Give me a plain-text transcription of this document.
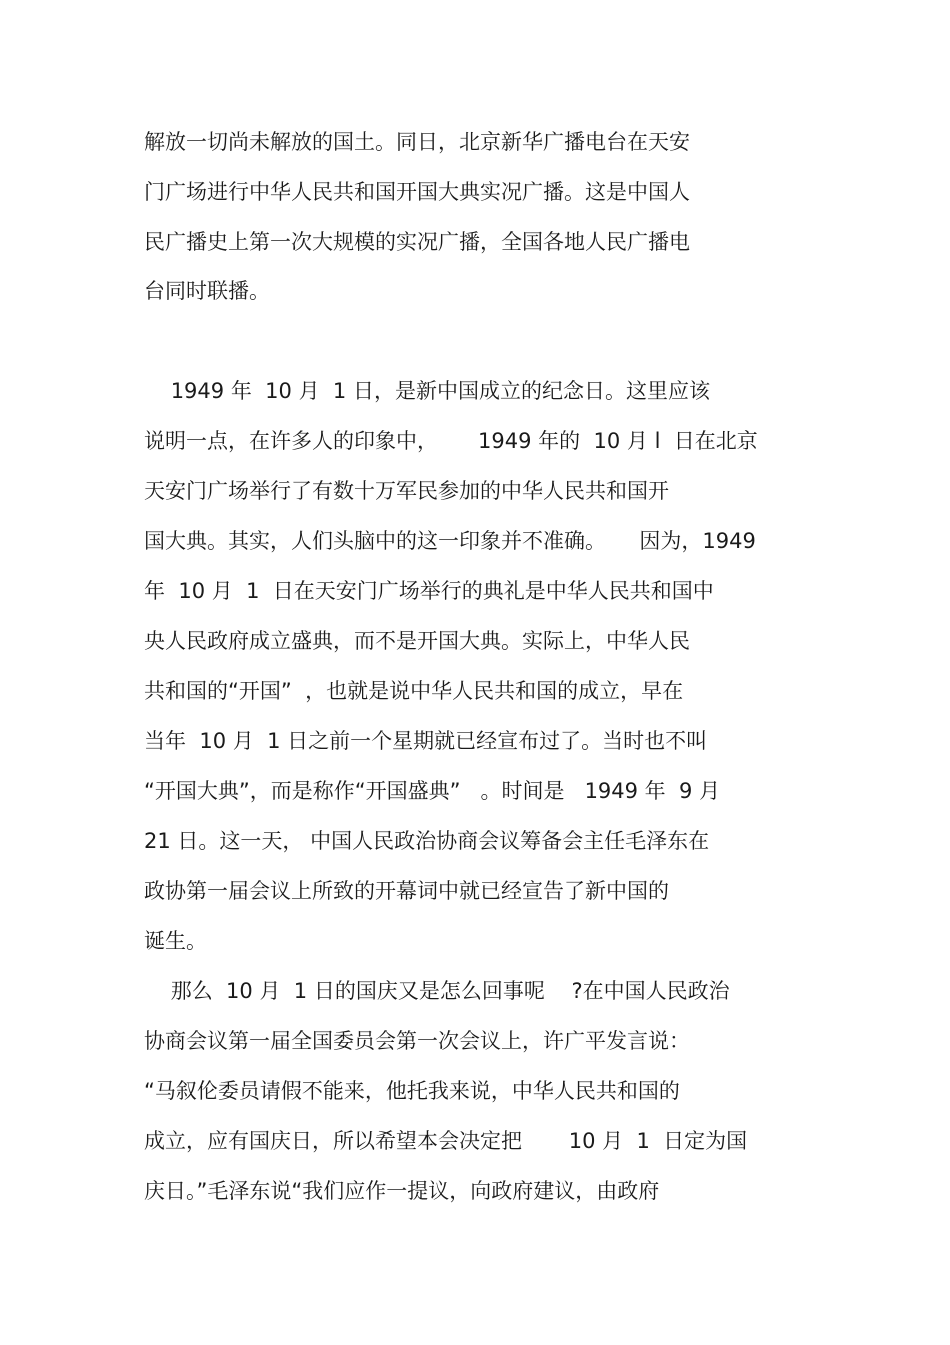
解放一切尚未解放的国土。同日，北京新华广播电台在天安
门广场进行中华人民共和国开国大典实况广播。这是中国人
民广播史上第一次大规模的实况广播，全国各地人民广播电
台同时联播。
1949 年  10 月  1 日，是新中国成立的纪念日。这里应该
说明一点，在许多人的印象中，      1949 年的  10 月 l  日在北京
天安门广场举行了有数十万军民参加的中华人民共和国开
国大典。其实，人们头脑中的这一印象并不准确。     因为，1949
年  10 月  1  日在天安门广场举行的典礼是中华人民共和国中
央人民政府成立盛典，而不是开国大典。实际上，中华人民
共和国的“开国”  ，也就是说中华人民共和国的成立，早在
当年  10 月  1 日之前一个星期就已经宣布过了。当时也不叫
“开国大典”，而是称作“开国盛典”   。时间是   1949 年  9 月
21 日。这一天， 中国人民政治协商会议筹备会主任毛泽东在
政协第一届会议上所致的开幕词中就已经宣告了新中国的
诞生。
那么  10 月  1 日的国庆又是怎么回事呢    ?在中国人民政治
协商会议第一届全国委员会第一次会议上，许广平发言说：
“马叙伦委员请假不能来，他托我来说，中华人民共和国的
成立，应有国庆日，所以希望本会决定把       10 月  1  日定为国
庆日。”毛泽东说“我们应作一提议，向政府建议，由政府
